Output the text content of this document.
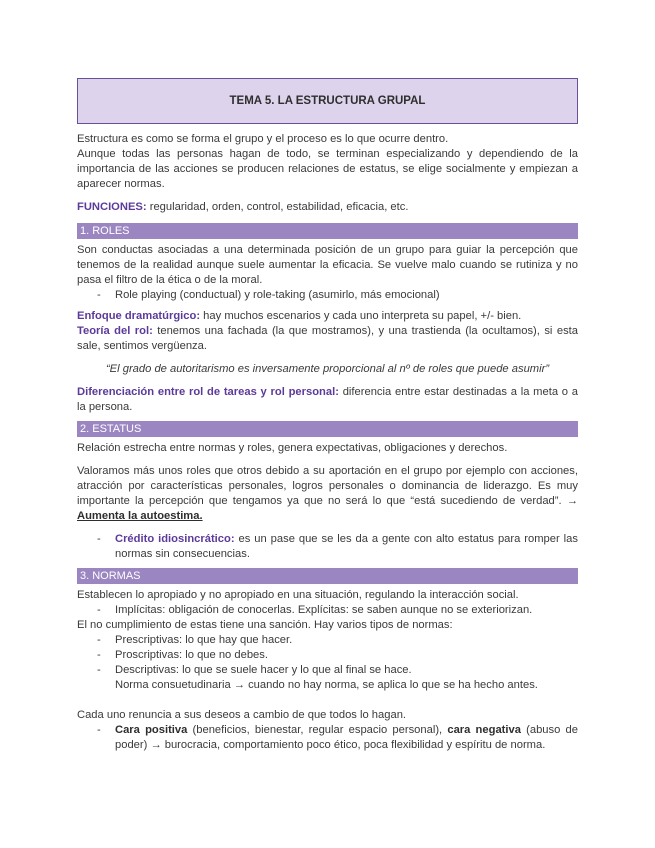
TEMA 5. LA ESTRUCTURA GRUPAL

Estructura es como se forma el grupo y el proceso es lo que ocurre dentro.

Aunque todas las personas hagan de todo, se terminan especializando y dependiendo de la importancia de las acciones se producen relaciones de estatus, se elige socialmente y empiezan a aparecer normas.

FUNCIONES: regularidad, orden, control, estabilidad, eficacia, etc.

1. ROLES

Son conductas asociadas a una determinada posición de un grupo para guiar la percepción que tenemos de la realidad aunque suele aumentar la eficacia. Se vuelve malo cuando se rutiniza y no pasa el filtro de la ética o de la moral.

-	Role playing (conductual) y role-taking (asumirlo, más emocional)

Enfoque dramatúrgico: hay muchos escenarios y cada uno interpreta su papel, +/- bien.

Teoría del rol: tenemos una fachada (la que mostramos), y una trastienda (la ocultamos), si esta sale, sentimos vergüenza.

“El grado de autoritarismo es inversamente proporcional al nº de roles que puede asumir”

Diferenciación entre rol de tareas y rol personal: diferencia entre estar destinadas a la meta o a la persona.

2. ESTATUS

Relación estrecha entre normas y roles, genera expectativas, obligaciones y derechos.

Valoramos más unos roles que otros debido a su aportación en el grupo por ejemplo con acciones, atracción por características personales, logros personales o dominancia de liderazgo. Es muy importante la percepción que tengamos ya que no será lo que “está sucediendo de verdad”. → Aumenta la autoestima.

-	Crédito idiosincrático: es un pase que se les da a gente con alto estatus para romper las normas sin consecuencias.
3. NORMAS

Establecen lo apropiado y no apropiado en una situación, regulando la interacción social.

-	Implícitas: obligación de conocerlas. Explícitas: se saben aunque no se exteriorizan.

El no cumplimiento de estas tiene una sanción. Hay varios tipos de normas:

-	Prescriptivas: lo que hay que hacer.
-	Proscriptivas: lo que no debes.
-	Descriptivas: lo que se suele hacer y lo que al final se hace.
Norma consuetudinaria → cuando no hay norma, se aplica lo que se ha hecho antes.

Cada uno renuncia a sus deseos a cambio de que todos lo hagan.

-	Cara positiva (beneficios, bienestar, regular espacio personal), cara negativa (abuso de poder) → burocracia, comportamiento poco ético, poca flexibilidad y espíritu de norma.
